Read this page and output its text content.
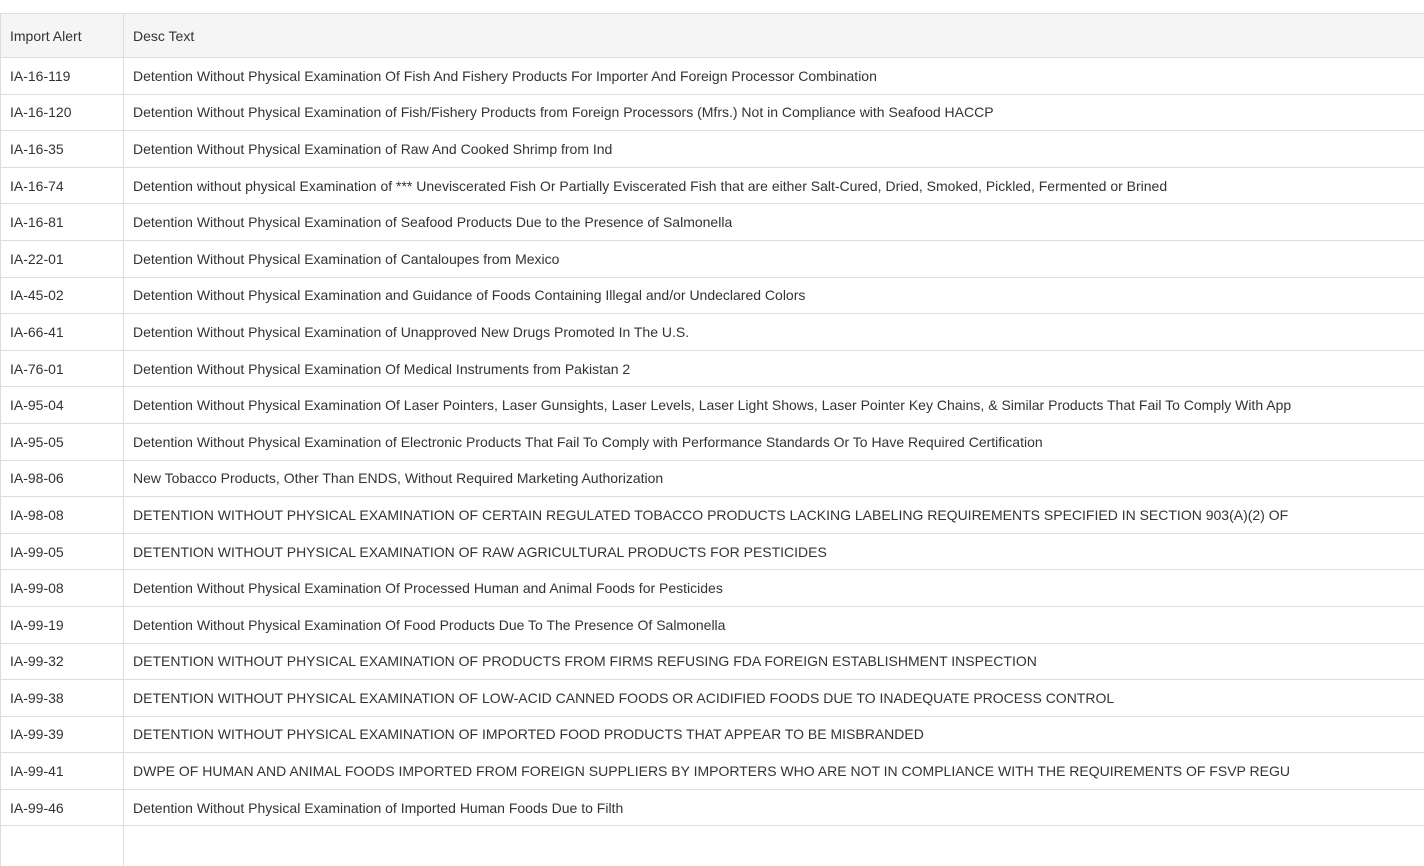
Import Alert	Desc Text
IA-16-119	Detention Without Physical Examination Of Fish And Fishery Products For Importer And Foreign Processor Combination
IA-16-120	Detention Without Physical Examination of Fish/Fishery Products from Foreign Processors (Mfrs.) Not in Compliance with Seafood HACCP
IA-16-35	Detention Without Physical Examination of Raw And Cooked Shrimp from Ind
IA-16-74	Detention without physical Examination of *** Uneviscerated Fish Or Partially Eviscerated Fish that are either Salt-Cured, Dried, Smoked, Pickled, Fermented or Brined
IA-16-81	Detention Without Physical Examination of Seafood Products Due to the Presence of Salmonella
IA-22-01	Detention Without Physical Examination of Cantaloupes from Mexico
IA-45-02	Detention Without Physical Examination and Guidance of Foods Containing Illegal and/or Undeclared Colors
IA-66-41	Detention Without Physical Examination of Unapproved New Drugs Promoted In The U.S.
IA-76-01	Detention Without Physical Examination Of Medical Instruments from Pakistan 2
IA-95-04	Detention Without Physical Examination Of Laser Pointers, Laser Gunsights, Laser Levels, Laser Light Shows, Laser Pointer Key Chains, & Similar Products That Fail To Comply With App
IA-95-05	Detention Without Physical Examination of Electronic Products That Fail To Comply with Performance Standards Or To Have Required Certification
IA-98-06	New Tobacco Products, Other Than ENDS, Without Required Marketing Authorization
IA-98-08	DETENTION WITHOUT PHYSICAL EXAMINATION OF CERTAIN REGULATED TOBACCO PRODUCTS LACKING LABELING REQUIREMENTS SPECIFIED IN SECTION 903(A)(2) OF
IA-99-05	DETENTION WITHOUT PHYSICAL EXAMINATION OF RAW AGRICULTURAL PRODUCTS FOR PESTICIDES
IA-99-08	Detention Without Physical Examination Of Processed Human and Animal Foods for Pesticides
IA-99-19	Detention Without Physical Examination Of Food Products Due To The Presence Of Salmonella
IA-99-32	DETENTION WITHOUT PHYSICAL EXAMINATION OF PRODUCTS FROM FIRMS REFUSING FDA FOREIGN ESTABLISHMENT INSPECTION
IA-99-38	DETENTION WITHOUT PHYSICAL EXAMINATION OF LOW-ACID CANNED FOODS OR ACIDIFIED FOODS DUE TO INADEQUATE PROCESS CONTROL
IA-99-39	DETENTION WITHOUT PHYSICAL EXAMINATION OF IMPORTED FOOD PRODUCTS THAT APPEAR TO BE MISBRANDED
IA-99-41	DWPE OF HUMAN AND ANIMAL FOODS IMPORTED FROM FOREIGN SUPPLIERS BY IMPORTERS WHO ARE NOT IN COMPLIANCE WITH THE REQUIREMENTS OF FSVP REGU
IA-99-46	Detention Without Physical Examination of Imported Human Foods Due to Filth
